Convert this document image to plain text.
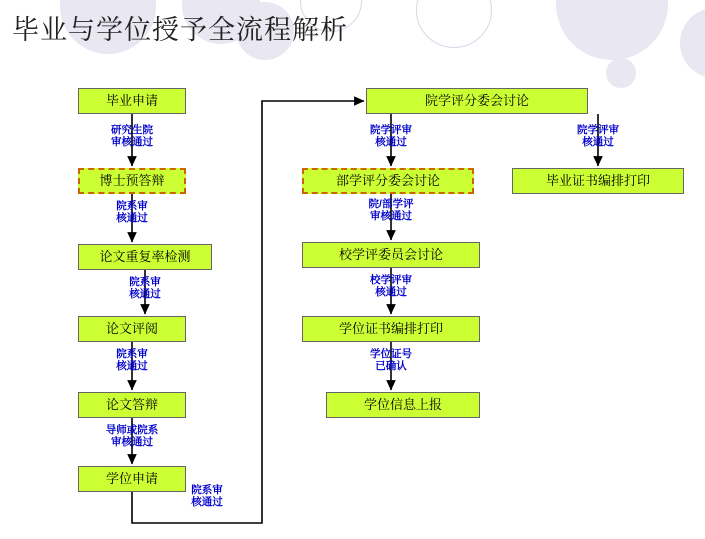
毕业与学位授予全流程解析
毕业申请
博士预答辩
论文重复率检测
论文评阅
论文答辩
学位申请
院学评分委会讨论
部学评分委会讨论
校学评委员会讨论
学位证书编排打印
学位信息上报
毕业证书编排打印
研究生院
审核通过
院系审
核通过
院系审
核通过
院系审
核通过
导师或院系
审核通过
院系审
核通过
院学评审
核通过
院/部学评
审核通过
校学评审
核通过
学位证号
已确认
院学评审
核通过
